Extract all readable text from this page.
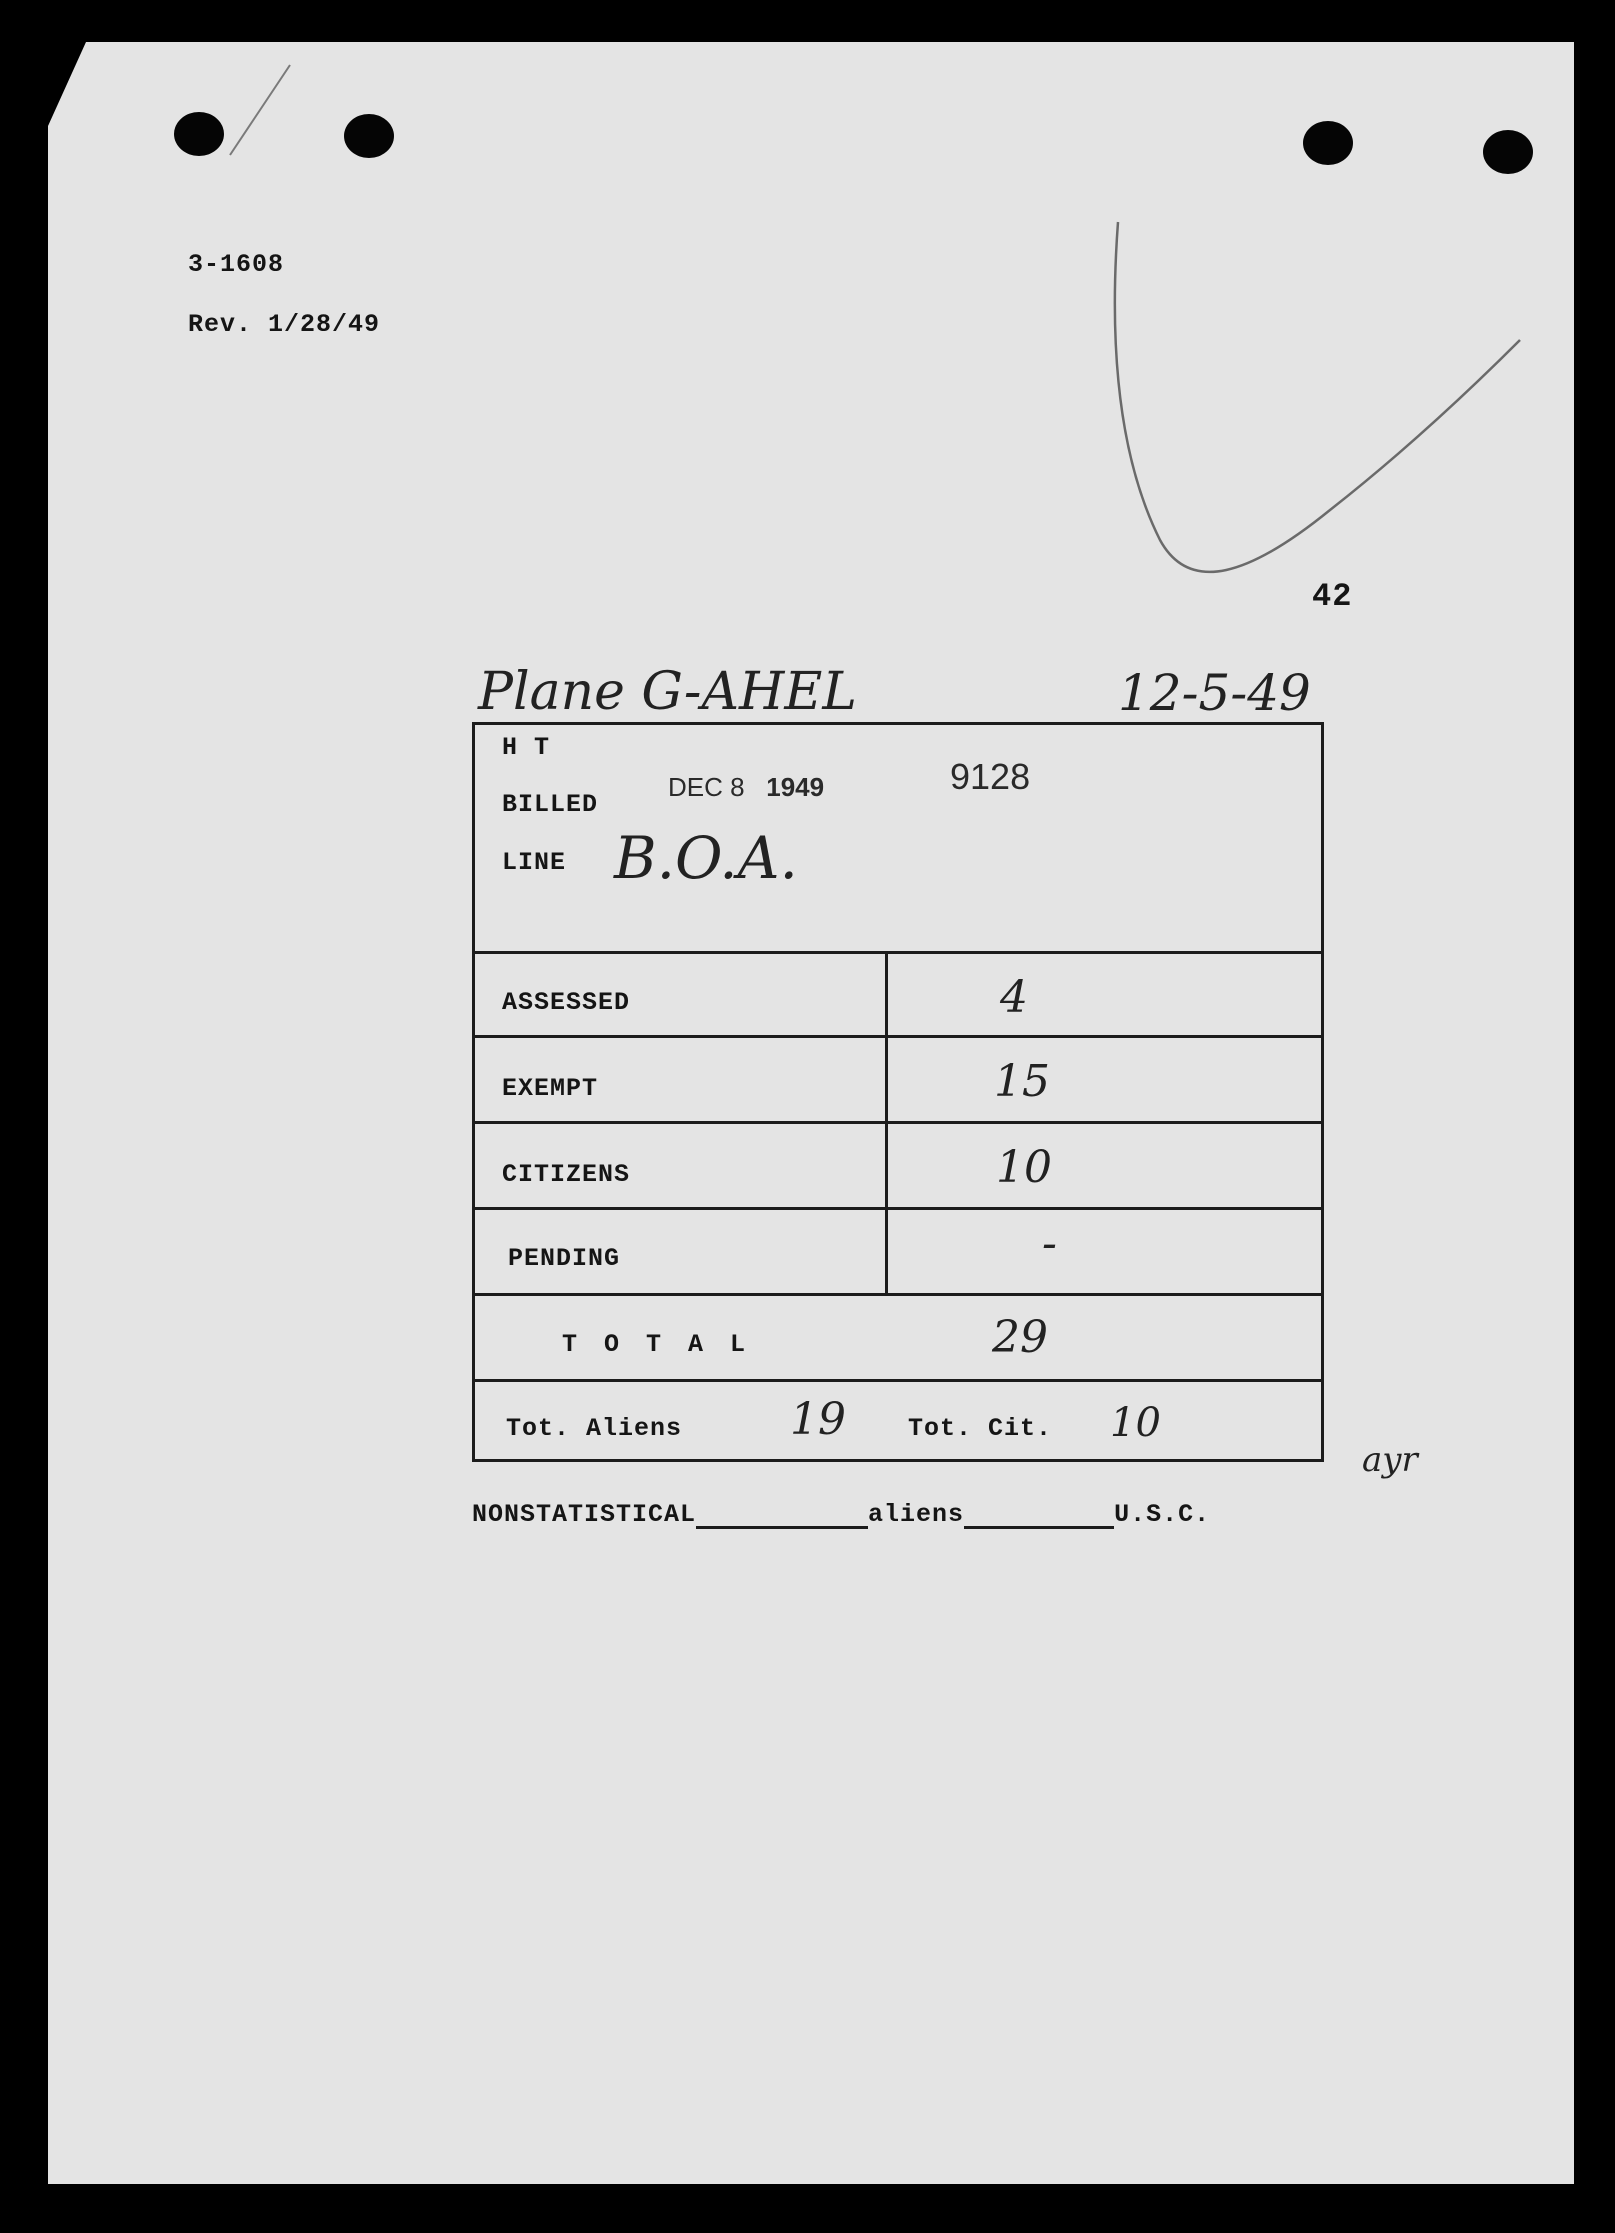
3-1608
Rev. 1/28/49
42
Plane G-AHEL	12-5-49
H T
BILLED
DEC 8 1949	9128
LINE B.O.A.
ASSESSED	4
EXEMPT	15
CITIZENS	10
PENDING	-
T O T A L	29
Tot. Aliens 19 Tot. Cit. 10
ayr
NONSTATISTICAL	aliens	U.S.C.
